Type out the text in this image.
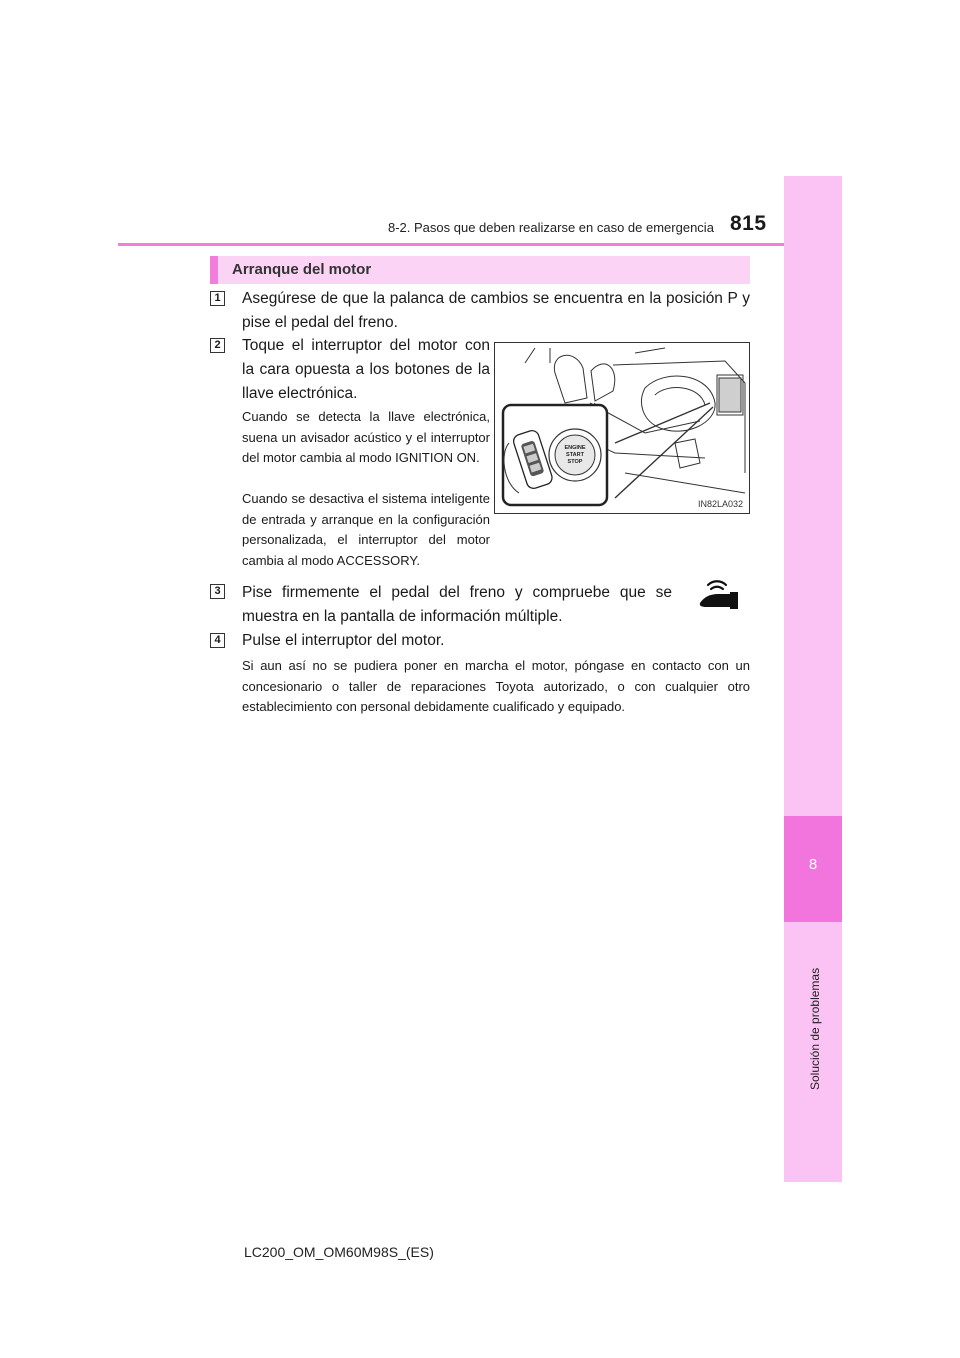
8
Solución de problemas
8-2. Pasos que deben realizarse en caso de emergencia 815
Arranque del motor
1 Asegúrese de que la palanca de cambios se encuentra en la posición P y pise el pedal del freno.
2 Toque el interruptor del motor con la cara opuesta a los botones de la llave electrónica.
Cuando se detecta la llave electrónica, suena un avisador acústico y el interruptor del motor cambia al modo IGNITION ON.
Cuando se desactiva el sistema inteligente de entrada y arranque en la configuración personalizada, el interruptor del motor cambia al modo ACCESSORY.
ENGINE
START
STOP
IN82LA032
3 Pise firmemente el pedal del freno y compruebe que se muestra en la pantalla de información múltiple.
4 Pulse el interruptor del motor.
Si aun así no se pudiera poner en marcha el motor, póngase en contacto con un concesionario o taller de reparaciones Toyota autorizado, o con cualquier otro establecimiento con personal debidamente cualificado y equipado.
LC200_OM_OM60M98S_(ES)
